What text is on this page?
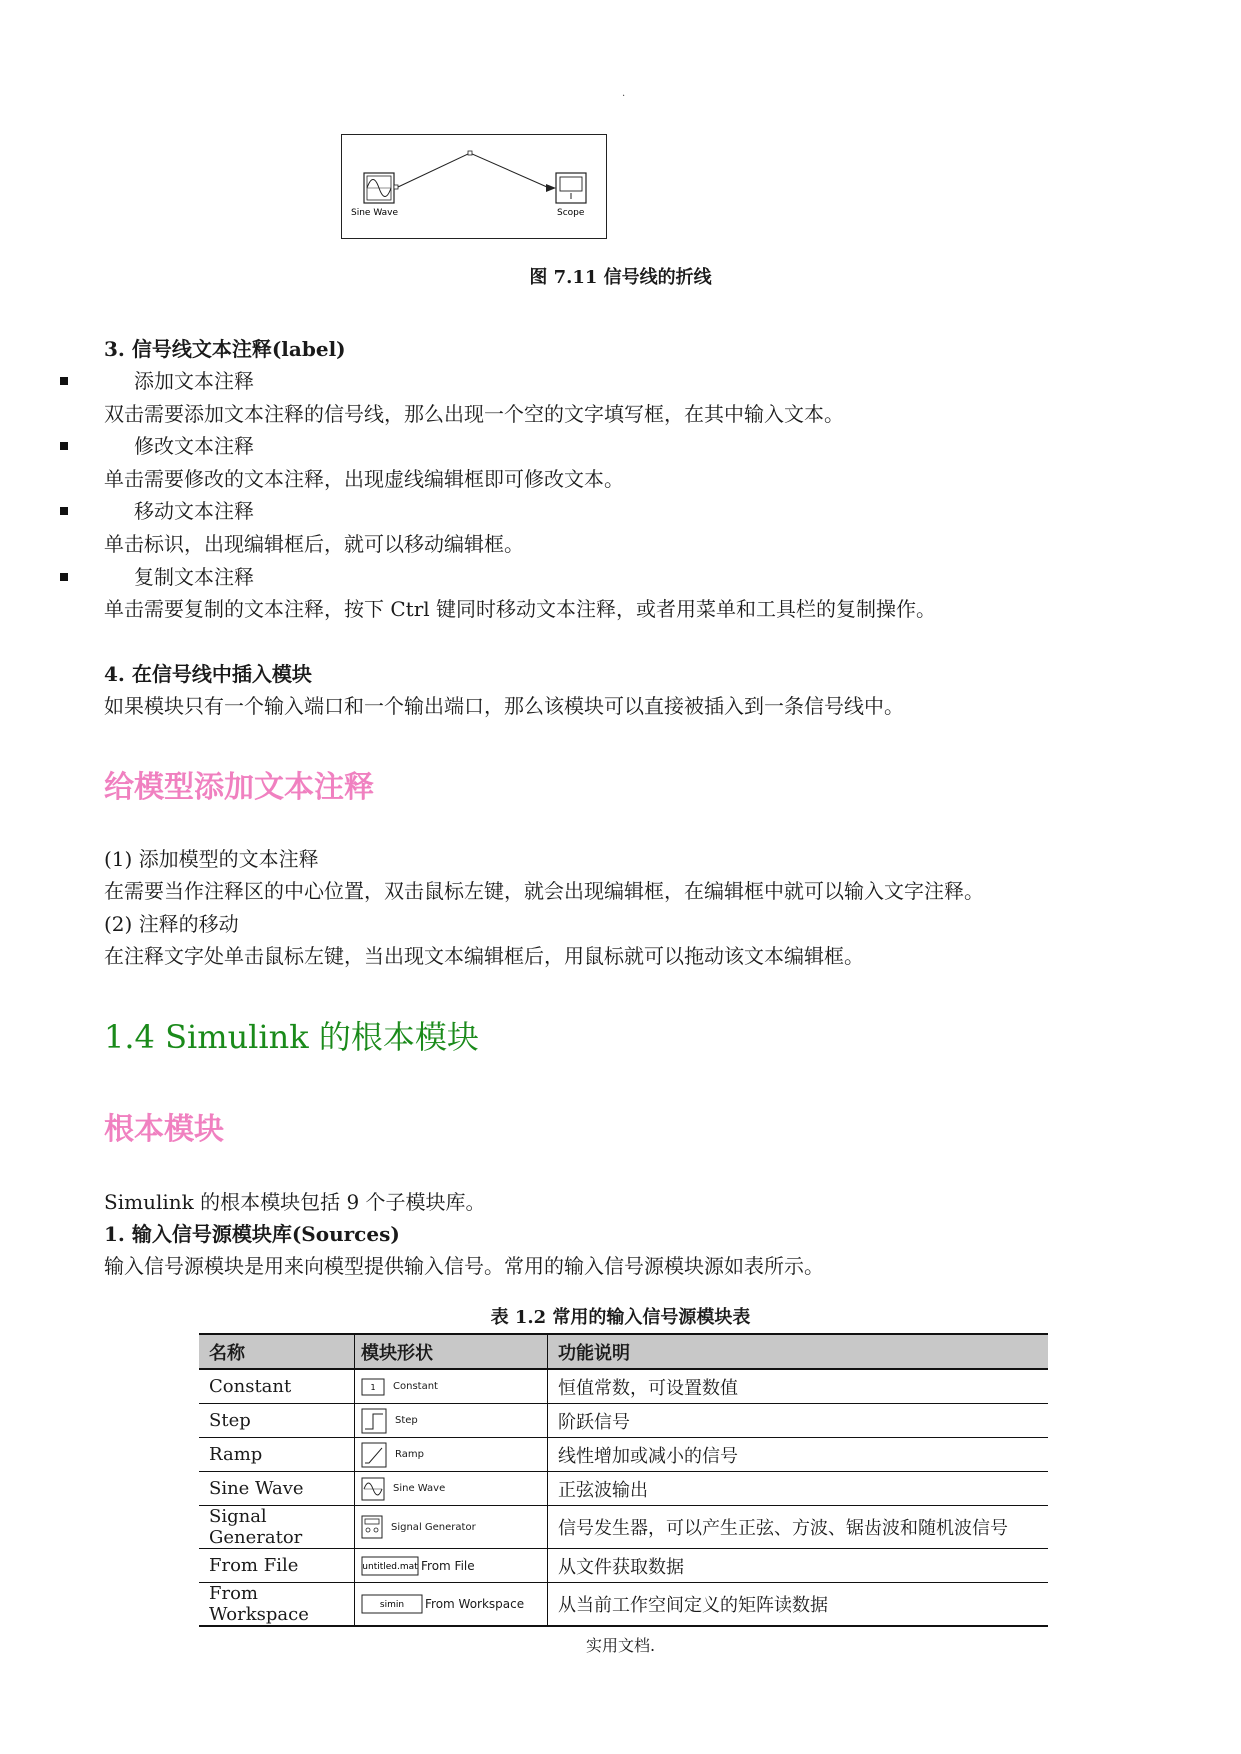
.
Sine Wave	Scope
图 7.11 信号线的折线
3. 信号线文本注释(label)
添加文本注释
双击需要添加文本注释的信号线，那么出现一个空的文字填写框，在其中输入文本。
修改文本注释
单击需要修改的文本注释，出现虚线编辑框即可修改文本。
移动文本注释
单击标识，出现编辑框后，就可以移动编辑框。
复制文本注释
单击需要复制的文本注释，按下 Ctrl 键同时移动文本注释，或者用菜单和工具栏的复制操作。
4. 在信号线中插入模块
如果模块只有一个输入端口和一个输出端口，那么该模块可以直接被插入到一条信号线中。
给模型添加文本注释
(1) 添加模型的文本注释
在需要当作注释区的中心位置，双击鼠标左键，就会出现编辑框，在编辑框中就可以输入文字注释。
(2) 注释的移动
在注释文字处单击鼠标左键，当出现文本编辑框后，用鼠标就可以拖动该文本编辑框。
1.4 Simulink 的根本模块
根本模块
Simulink 的根本模块包括 9 个子模块库。
1. 输入信号源模块库(Sources)
输入信号源模块是用来向模型提供输入信号。常用的输入信号源模块源如表所示。
表 1.2 常用的输入信号源模块表
名称	模块形状	功能说明
Constant	1 Constant	恒值常数，可设置数值
Step	Step	阶跃信号
Ramp	Ramp	线性增加或减小的信号
Sine Wave	Sine Wave	正弦波输出
Signal Generator	Signal Generator	信号发生器，可以产生正弦、方波、锯齿波和随机波信号
From File	untitled.mat From File	从文件获取数据
From Workspace	simin From Workspace	从当前工作空间定义的矩阵读数据
实用文档.
